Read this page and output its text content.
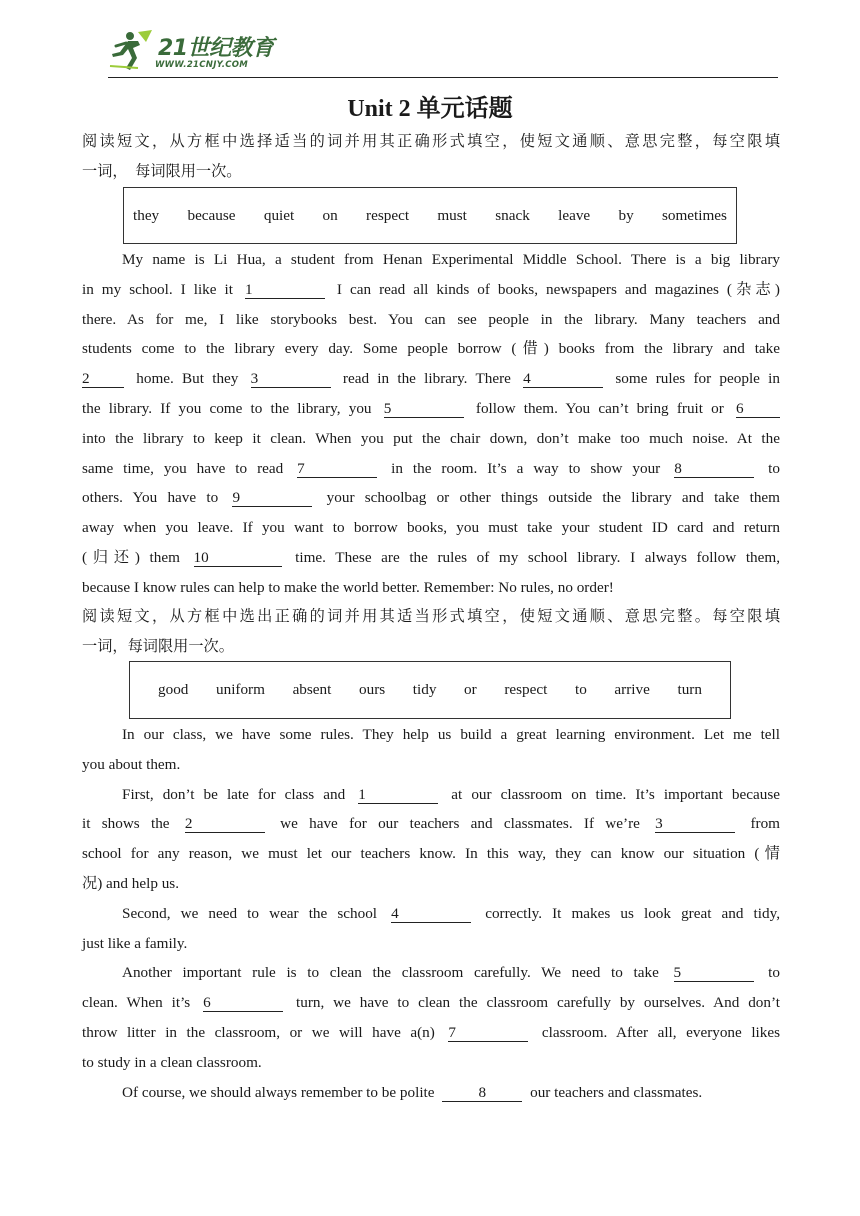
21世纪教育
WWW.21CNJY.COM
Unit 2 单元话题

阅读短文，从方框中选择适当的词并用其正确形式填空，使短文通顺、意思完整，每空限填

一词，　每词限用一次。

they because quiet on respect must snack leave by sometimes

My name is Li Hua, a student from Henan Experimental Middle School. There is a big library

in my school. I like it 1	I can read all kinds of books, newspapers and magazines (杂志)

there. As for me, I like storybooks best. You can see people in the library. Many teachers and

students come to the library every day. Some people borrow (借) books from the library and take

2	home. But they 3	read in the library. There 4	some rules for people in

the library. If you come to the library, you 5	follow them. You can’t bring fruit or 6

into the library to keep it clean. When you put the chair down, don’t make too much noise. At the

same time, you have to read 7	in the room. It’s a way to show your 8	to

others. You have to 9	your schoolbag or other things outside the library and take them

away when you leave. If you want to borrow books, you must take your student ID card and return

(归还) them 10	time. These are the rules of my school library. I always follow them,

because I know rules can help to make the world better. Remember: No rules, no order!

阅读短文，从方框中选出正确的词并用其适当形式填空，使短文通顺、意思完整。每空限填

一词，每词限用一次。

good uniform absent ours tidy or respect to arrive turn

In our class, we have some rules. They help us build a great learning environment. Let me tell

you about them.

First, don’t be late for class and 1	at our classroom on time. It’s important because

it shows the 2	we have for our teachers and classmates. If we’re 3	from

school for any reason, we must let our teachers know. In this way, they can know our situation (情

况) and help us.

Second, we need to wear the school 4	correctly. It makes us look great and tidy,

just like a family.

Another important rule is to clean the classroom carefully. We need to take 5	to

clean. When it’s 6	turn, we have to clean the classroom carefully by ourselves. And don’t

throw litter in the classroom, or we will have a(n) 7	classroom. After all, everyone likes

to study in a clean classroom.

Of course, we should always remember to be polite	8	our teachers and classmates.
